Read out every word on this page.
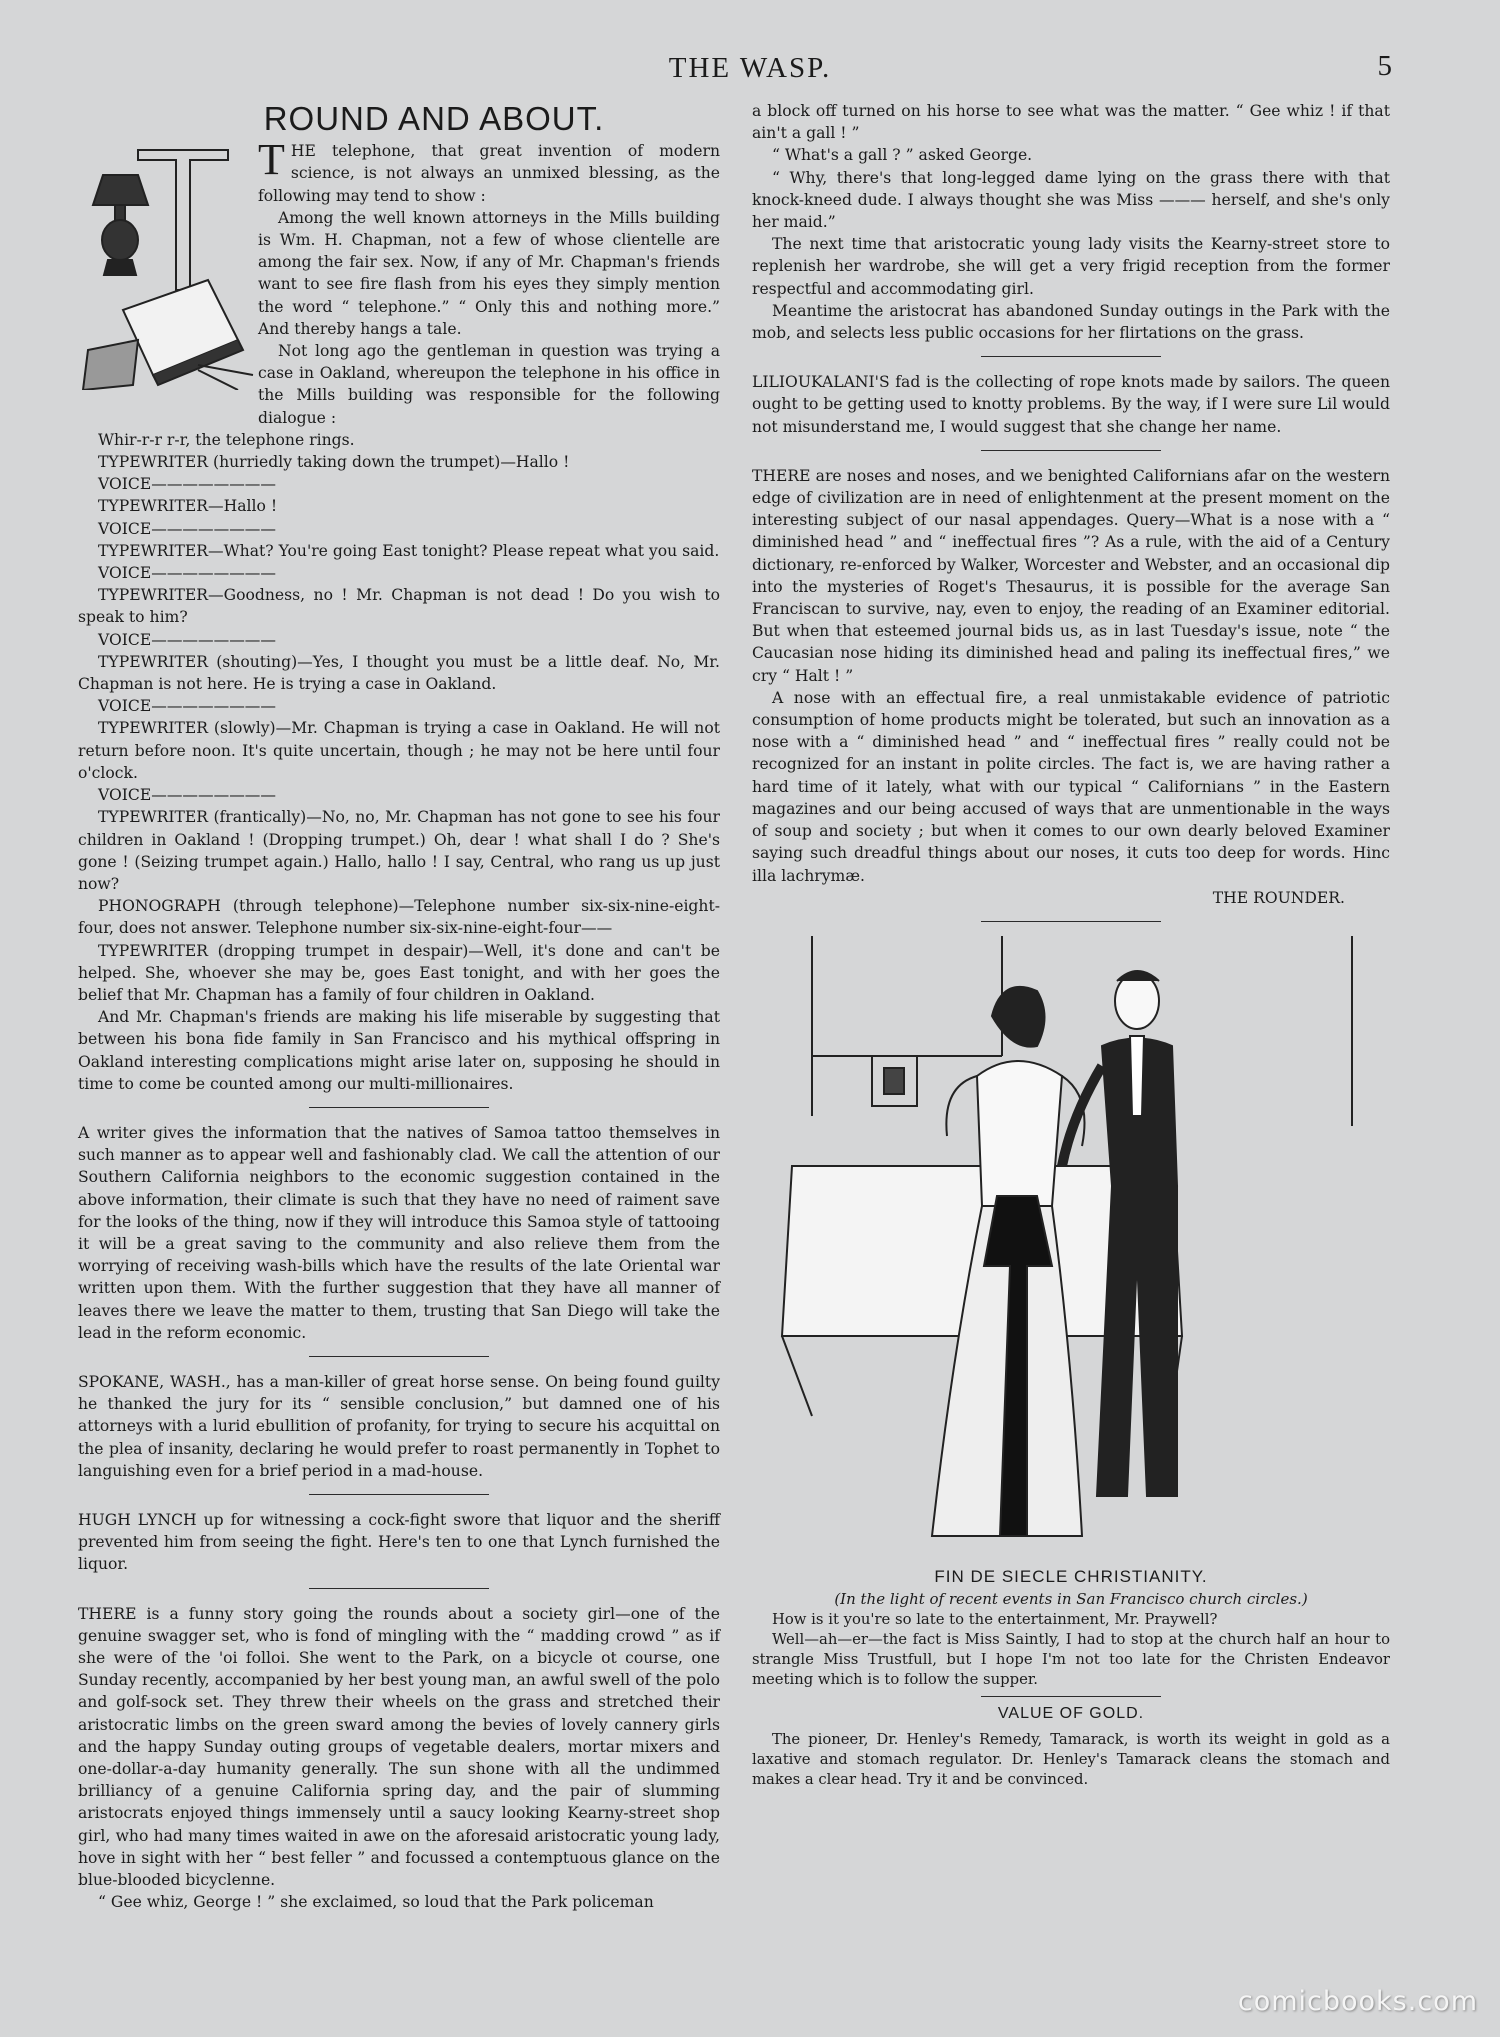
THE WASP.	5
ROUND AND ABOUT.

THE telephone, that great invention of modern science, is not always an unmixed blessing, as the following may tend to show :

Among the well known attorneys in the Mills building is Wm. H. Chapman, not a few of whose clientelle are among the fair sex. Now, if any of Mr. Chapman's friends want to see fire flash from his eyes they simply mention the word “ telephone.” “ Only this and nothing more.” And thereby hangs a tale.

Not long ago the gentleman in question was trying a case in Oakland, whereupon the telephone in his office in the Mills building was responsible for the following dialogue :

Whir-r-r r-r, the telephone rings.

TYPEWRITER (hurriedly taking down the trumpet)—Hallo !

VOICE————————

TYPEWRITER—Hallo !

VOICE————————

TYPEWRITER—What? You're going East tonight? Please repeat what you said.

VOICE————————

TYPEWRITER—Goodness, no ! Mr. Chapman is not dead ! Do you wish to speak to him?

VOICE————————

TYPEWRITER (shouting)—Yes, I thought you must be a little deaf. No, Mr. Chapman is not here. He is trying a case in Oakland.

VOICE————————

TYPEWRITER (slowly)—Mr. Chapman is trying a case in Oakland. He will not return before noon. It's quite uncertain, though ; he may not be here until four o'clock.

VOICE————————

TYPEWRITER (frantically)—No, no, Mr. Chapman has not gone to see his four children in Oakland ! (Dropping trumpet.) Oh, dear ! what shall I do ? She's gone ! (Seizing trumpet again.) Hallo, hallo ! I say, Central, who rang us up just now?

PHONOGRAPH (through telephone)—Telephone number six-six-nine-eight-four, does not answer. Telephone number six-six-nine-eight-four——

TYPEWRITER (dropping trumpet in despair)—Well, it's done and can't be helped. She, whoever she may be, goes East tonight, and with her goes the belief that Mr. Chapman has a family of four children in Oakland.

And Mr. Chapman's friends are making his life miserable by suggesting that between his bona fide family in San Francisco and his mythical offspring in Oakland interesting complications might arise later on, supposing he should in time to come be counted among our multi-millionaires.

A writer gives the information that the natives of Samoa tattoo themselves in such manner as to appear well and fashionably clad. We call the attention of our Southern California neighbors to the economic suggestion contained in the above information, their climate is such that they have no need of raiment save for the looks of the thing, now if they will introduce this Samoa style of tattooing it will be a great saving to the community and also relieve them from the worrying of receiving wash-bills which have the results of the late Oriental war written upon them. With the further suggestion that they have all manner of leaves there we leave the matter to them, trusting that San Diego will take the lead in the reform economic.

SPOKANE, WASH., has a man-killer of great horse sense. On being found guilty he thanked the jury for its “ sensible conclusion,” but damned one of his attorneys with a lurid ebullition of profanity, for trying to secure his acquittal on the plea of insanity, declaring he would prefer to roast permanently in Tophet to languishing even for a brief period in a mad-house.

HUGH LYNCH up for witnessing a cock-fight swore that liquor and the sheriff prevented him from seeing the fight. Here's ten to one that Lynch furnished the liquor.

THERE is a funny story going the rounds about a society girl—one of the genuine swagger set, who is fond of mingling with the “ madding crowd ” as if she were of the 'oi folloi. She went to the Park, on a bicycle ot course, one Sunday recently, accompanied by her best young man, an awful swell of the polo and golf-sock set. They threw their wheels on the grass and stretched their aristocratic limbs on the green sward among the bevies of lovely cannery girls and the happy Sunday outing groups of vegetable dealers, mortar mixers and one-dollar-a-day humanity generally. The sun shone with all the undimmed brilliancy of a genuine California spring day, and the pair of slumming aristocrats enjoyed things immensely until a saucy looking Kearny-street shop girl, who had many times waited in awe on the aforesaid aristocratic young lady, hove in sight with her “ best feller ” and focussed a contemptuous glance on the blue-blooded bicyclenne.

“ Gee whiz, George ! ” she exclaimed, so loud that the Park policeman

a block off turned on his horse to see what was the matter. “ Gee whiz ! if that ain't a gall ! ”

“ What's a gall ? ” asked George.

“ Why, there's that long-legged dame lying on the grass there with that knock-kneed dude. I always thought she was Miss ——— herself, and she's only her maid.”

The next time that aristocratic young lady visits the Kearny-street store to replenish her wardrobe, she will get a very frigid reception from the former respectful and accommodating girl.

Meantime the aristocrat has abandoned Sunday outings in the Park with the mob, and selects less public occasions for her flirtations on the grass.

LILIOUKALANI'S fad is the collecting of rope knots made by sailors. The queen ought to be getting used to knotty problems. By the way, if I were sure Lil would not misunderstand me, I would suggest that she change her name.

THERE are noses and noses, and we benighted Californians afar on the western edge of civilization are in need of enlightenment at the present moment on the interesting subject of our nasal appendages. Query—What is a nose with a “ diminished head ” and “ ineffectual fires ”? As a rule, with the aid of a Century dictionary, re-enforced by Walker, Worcester and Webster, and an occasional dip into the mysteries of Roget's Thesaurus, it is possible for the average San Franciscan to survive, nay, even to enjoy, the reading of an Examiner editorial. But when that esteemed journal bids us, as in last Tuesday's issue, note “ the Caucasian nose hiding its diminished head and paling its ineffectual fires,” we cry “ Halt ! ”

A nose with an effectual fire, a real unmistakable evidence of patriotic consumption of home products might be tolerated, but such an innovation as a nose with a “ diminished head ” and “ ineffectual fires ” really could not be recognized for an instant in polite circles. The fact is, we are having rather a hard time of it lately, what with our typical “ Californians ” in the Eastern magazines and our being accused of ways that are unmentionable in the ways of soup and society ; but when it comes to our own dearly beloved Examiner saying such dreadful things about our noses, it cuts too deep for words. Hinc illa lachrymæ.

THE ROUNDER.
FIN DE SIECLE CHRISTIANITY.
(In the light of recent events in San Francisco church circles.)

How is it you're so late to the entertainment, Mr. Praywell?

Well—ah—er—the fact is Miss Saintly, I had to stop at the church half an hour to strangle Miss Trustfull, but I hope I'm not too late for the Christen Endeavor meeting which is to follow the supper.

VALUE OF GOLD.

The pioneer, Dr. Henley's Remedy, Tamarack, is worth its weight in gold as a laxative and stomach regulator. Dr. Henley's Tamarack cleans the stomach and makes a clear head. Try it and be convinced.

comicbooks.com
